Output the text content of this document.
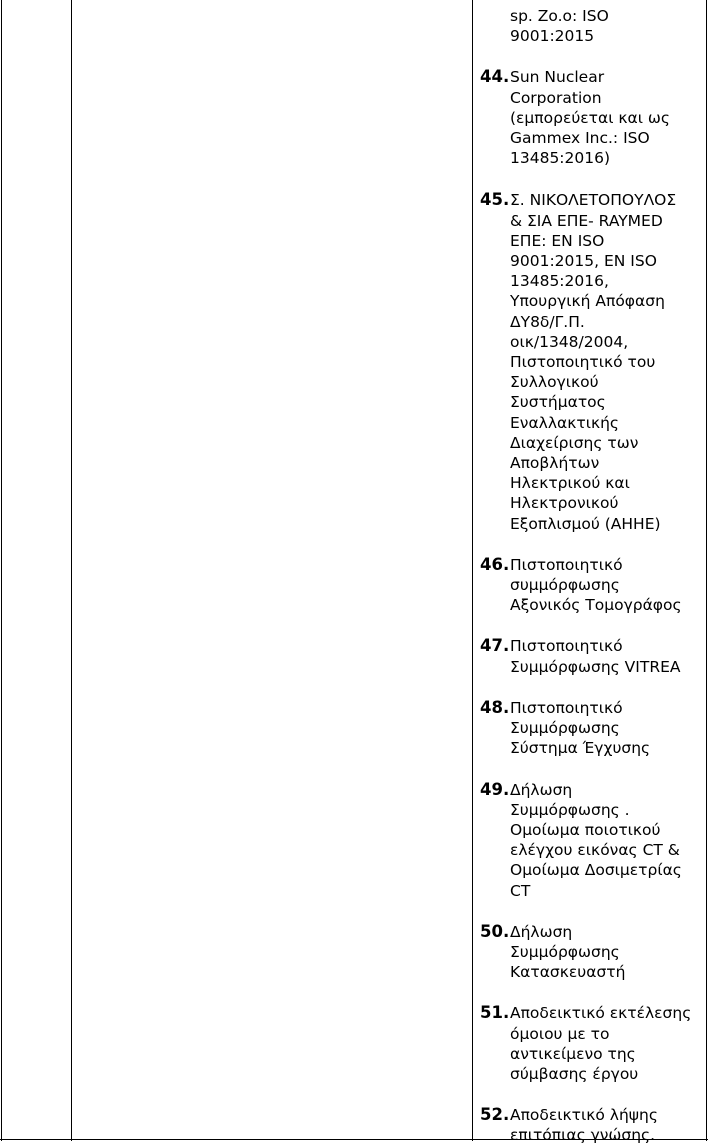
sp. Zo.o: ISO
9001:2015
44. Sun Nuclear
Corporation
(εμπορεύεται και ως
Gammex Inc.: ISO
13485:2016)
45. Σ. ΝΙΚΟΛΕΤΟΠΟΥΛΟΣ
& ΣΙΑ ΕΠΕ- RAYMED
ΕΠΕ: EN ISO
9001:2015, EN ISO
13485:2016,
Υπουργική Απόφαση
ΔΥ8δ/Γ.Π.
οικ/1348/2004,
Πιστοποιητικό του
Συλλογικού
Συστήματος
Εναλλακτικής
Διαχείρισης των
Αποβλήτων
Ηλεκτρικού και
Ηλεκτρονικού
Εξοπλισμού (ΑΗΗΕ)
46. Πιστοποιητικό
συμμόρφωσης
Αξονικός Τομογράφος
47. Πιστοποιητικό
Συμμόρφωσης VITREA
48. Πιστοποιητικό
Συμμόρφωσης
Σύστημα Έγχυσης
49. Δήλωση
Συμμόρφωσης .
Ομοίωμα ποιοτικού
ελέγχου εικόνας CT &
Ομοίωμα Δοσιμετρίας
CT
50. Δήλωση
Συμμόρφωσης
Κατασκευαστή
51. Αποδεικτικό εκτέλεσης
όμοιου με το
αντικείμενο της
σύμβασης έργου
52. Αποδεικτικό λήψης
επιτόπιας γνώσης.
